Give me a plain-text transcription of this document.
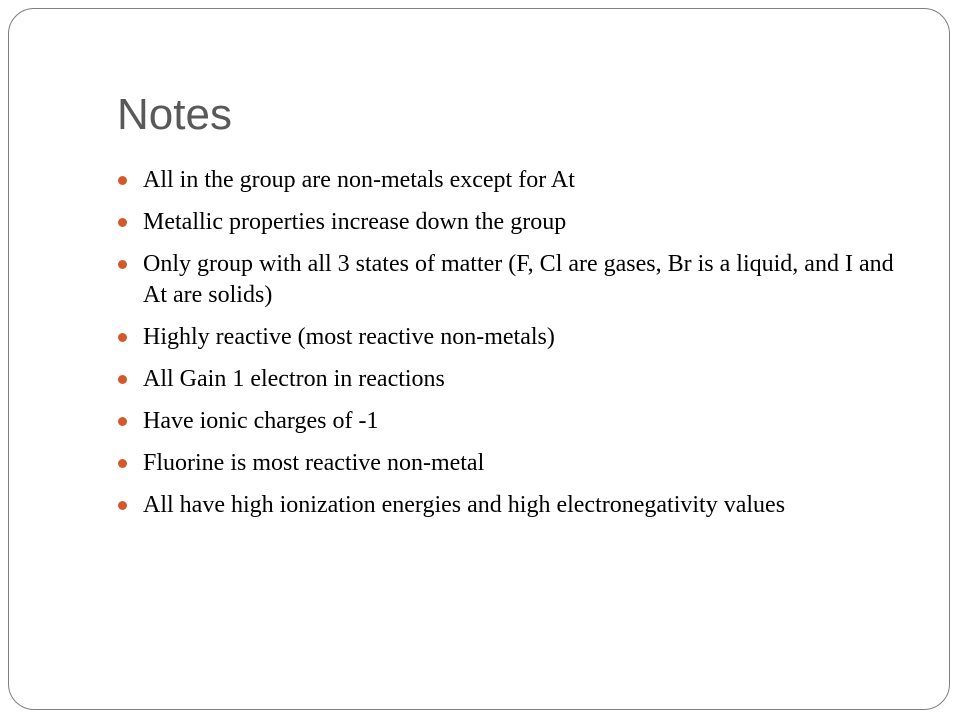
Notes
All in the group are non-metals except for At
Metallic properties increase down the group
Only group with all 3 states of matter (F, Cl are gases, Br is a liquid, and I and At are solids)
Highly reactive (most reactive non-metals)
All Gain 1 electron in reactions
Have ionic charges of -1
Fluorine is most reactive non-metal
All have high ionization energies and high electronegativity values
